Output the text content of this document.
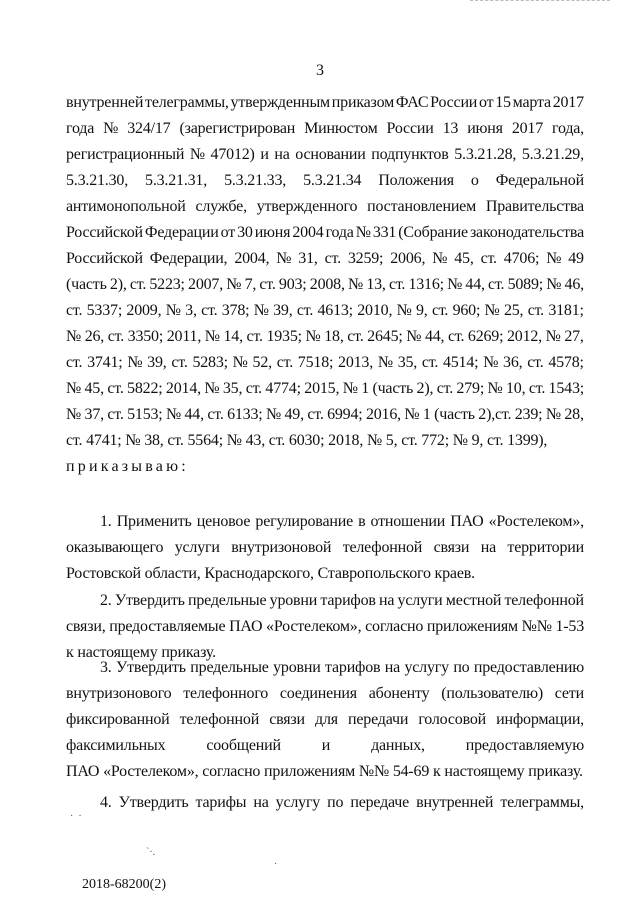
3
внутренней телеграммы, утвержденным приказом ФАС России от 15 марта 2017
года № 324/17 (зарегистрирован Минюстом России 13 июня 2017 года,
регистрационный № 47012) и на основании подпунктов 5.3.21.28, 5.3.21.29,
5.3.21.30, 5.3.21.31, 5.3.21.33, 5.3.21.34 Положения о Федеральной
антимонопольной службе, утвержденного постановлением Правительства
Российской Федерации от 30 июня 2004 года № 331 (Собрание законодательства
Российской Федерации, 2004, № 31, ст. 3259; 2006, № 45, ст. 4706; № 49
(часть 2), ст. 5223; 2007, № 7, ст. 903; 2008, № 13, ст. 1316; № 44, ст. 5089; № 46,
ст. 5337; 2009, № 3, ст. 378; № 39, ст. 4613; 2010, № 9, ст. 960; № 25, ст. 3181;
№ 26, ст. 3350; 2011, № 14, ст. 1935; № 18, ст. 2645; № 44, ст. 6269; 2012, № 27,
ст. 3741; № 39, ст. 5283; № 52, ст. 7518; 2013, № 35, ст. 4514; № 36, ст. 4578;
№ 45, ст. 5822; 2014, № 35, ст. 4774; 2015, № 1 (часть 2), ст. 279; № 10, ст. 1543;
№ 37, ст. 5153; № 44, ст. 6133; № 49, ст. 6994; 2016, № 1 (часть 2),ст. 239; № 28,
ст. 4741; № 38, ст. 5564; № 43, ст. 6030; 2018, № 5, ст. 772; № 9, ст. 1399),
приказываю:
1. Применить ценовое регулирование в отношении ПАО «Ростелеком»,
оказывающего услуги внутризоновой телефонной связи на территории
Ростовской области, Краснодарского, Ставропольского краев.
2. Утвердить предельные уровни тарифов на услуги местной телефонной
связи, предоставляемые ПАО «Ростелеком», согласно приложениям №№ 1-53
к настоящему приказу.
3. Утвердить предельные уровни тарифов на услугу по предоставлению
внутризонового телефонного соединения абоненту (пользователю) сети
фиксированной телефонной связи для передачи голосовой информации,
факсимильных	сообщений	и	данных,	предоставляемую
ПАО «Ростелеком», согласно приложениям №№ 54-69 к настоящему приказу.
4. Утвердить тарифы на услугу по передаче внутренней телеграммы,
·  ·
`·.
·
2018-68200(2)
